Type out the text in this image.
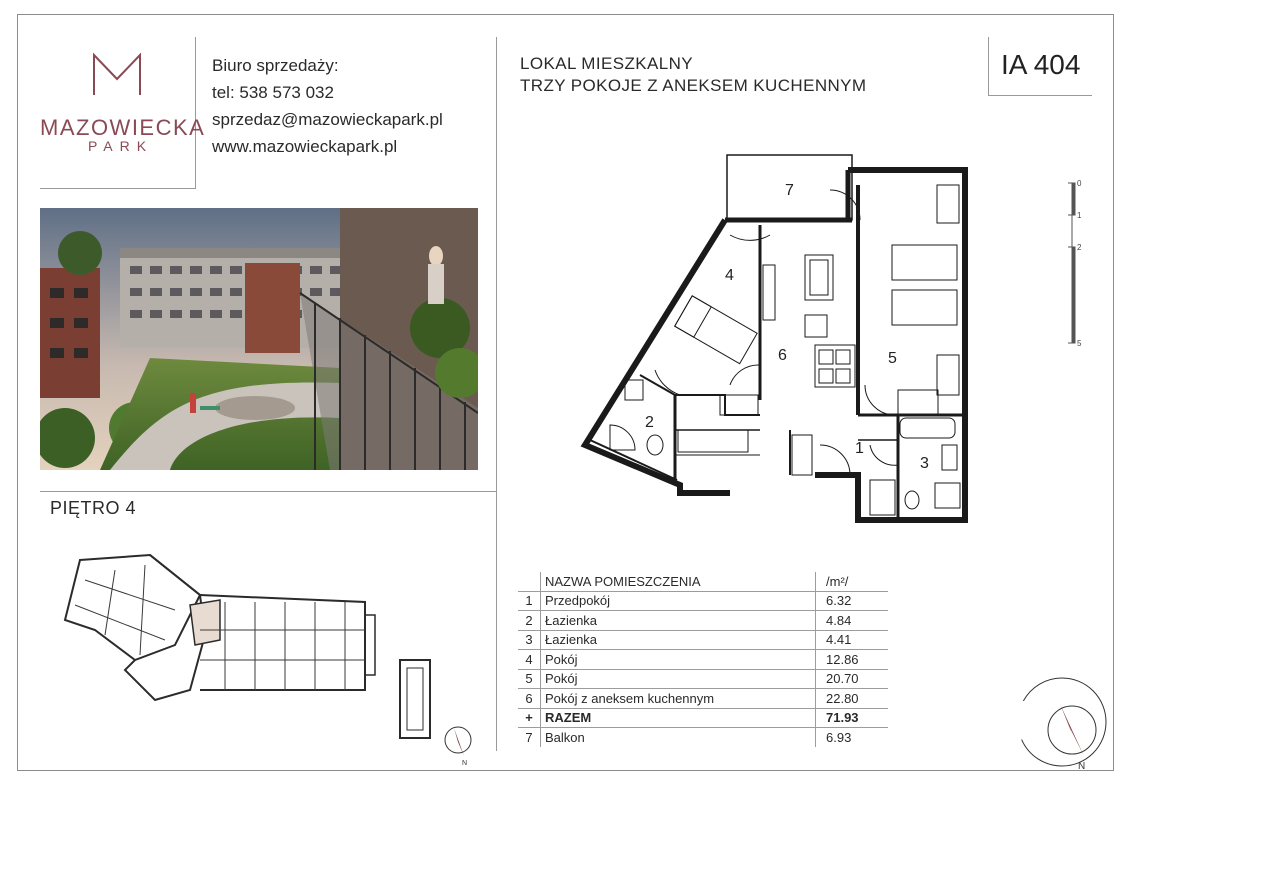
MAZOWIECKA
PARK
Biuro sprzedaży:
tel: 538 573 032
sprzedaz@mazowieckapark.pl
www.mazowieckapark.pl
LOKAL MIESZKALNY
TRZY POKOJE Z ANEKSEM KUCHENNYM
IA 404
PIĘTRO 4
1
2
3
4
5
6
7	0
1
2
5
	NAZWA POMIESZCZENIA	/m²/
1	Przedpokój	6.32
2	Łazienka	4.84
3	Łazienka	4.41
4	Pokój	12.86
5	Pokój	20.70
6	Pokój z aneksem kuchennym	22.80
+	RAZEM	71.93
7	Balkon	6.93
N
N
